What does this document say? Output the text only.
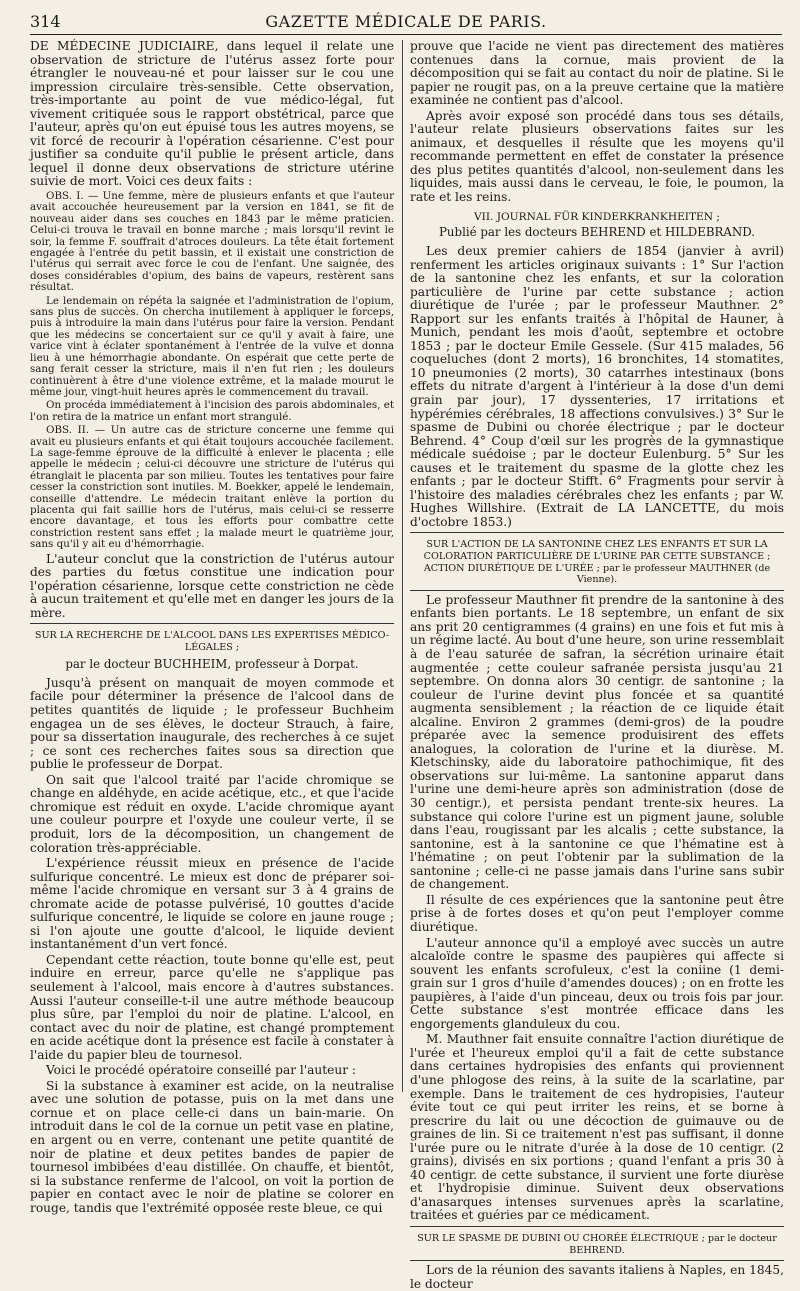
314	GAZETTE MÉDICALE DE PARIS.

DE MÉDECINE JUDICIAIRE, dans lequel il relate une observation de stricture de l'utérus assez forte pour étrangler le nouveau-né et pour laisser sur le cou une impression circulaire très-sensible. Cette observation, très-importante au point de vue médico-légal, fut vivement critiquée sous le rapport obstétrical, parce que l'auteur, après qu'on eut épuisé tous les autres moyens, se vit forcé de recourir à l'opération césarienne. C'est pour justifier sa conduite qu'il publie le présent article, dans lequel il donne deux observations de stricture utérine suivie de mort. Voici ces deux faits :

OBS. I. — Une femme, mère de plusieurs enfants et que l'auteur avait accouchée heureusement par la version en 1841, se fit de nouveau aider dans ses couches en 1843 par le même praticien. Celui-ci trouva le travail en bonne marche ; mais lorsqu'il revint le soir, la femme F. souffrait d'atroces douleurs. La tête était fortement engagée à l'entrée du petit bassin, et il existait une constriction de l'utérus qui serrait avec force le cou de l'enfant. Une saignée, des doses considérables d'opium, des bains de vapeurs, restèrent sans résultat.

Le lendemain on répéta la saignée et l'administration de l'opium, sans plus de succès. On chercha inutilement à appliquer le forceps, puis à introduire la main dans l'utérus pour faire la version. Pendant que les médecins se concertaient sur ce qu'il y avait à faire, une varice vint à éclater spontanément à l'entrée de la vulve et donna lieu à une hémorrhagie abondante. On espérait que cette perte de sang ferait cesser la stricture, mais il n'en fut rien ; les douleurs continuèrent à être d'une violence extrême, et la malade mourut le même jour, vingt-huit heures après le commencement du travail.

On procéda immédiatement à l'incision des parois abdominales, et l'on retira de la matrice un enfant mort strangulé.

OBS. II. — Un autre cas de stricture concerne une femme qui avait eu plusieurs enfants et qui était toujours accouchée facilement. La sage-femme éprouve de la difficulté à enlever le placenta ; elle appelle le médecin ; celui-ci découvre une stricture de l'utérus qui étranglait le placenta par son milieu. Toutes les tentatives pour faire cesser la constriction sont inutiles. M. Boekker, appelé le lendemain, conseille d'attendre. Le médecin traitant enlève la portion du placenta qui fait saillie hors de l'utérus, mais celui-ci se resserre encore davantage, et tous les efforts pour combattre cette constriction restent sans effet ; la malade meurt le quatrième jour, sans qu'il y ait eu d'hémorrhagie.

L'auteur conclut que la constriction de l'utérus autour des parties du fœtus constitue une indication pour l'opération césarienne, lorsque cette constriction ne cède à aucun traitement et qu'elle met en danger les jours de la mère.

SUR LA RECHERCHE DE L'ALCOOL DANS LES EXPERTISES MÉDICO-LÉGALES ;

par le docteur BUCHHEIM, professeur à Dorpat.

Jusqu'à présent on manquait de moyen commode et facile pour déterminer la présence de l'alcool dans de petites quantités de liquide ; le professeur Buchheim engagea un de ses élèves, le docteur Strauch, à faire, pour sa dissertation inaugurale, des recherches à ce sujet ; ce sont ces recherches faites sous sa direction que publie le professeur de Dorpat.

On sait que l'alcool traité par l'acide chromique se change en aldéhyde, en acide acétique, etc., et que l'acide chromique est réduit en oxyde. L'acide chromique ayant une couleur pourpre et l'oxyde une couleur verte, il se produit, lors de la décomposition, un changement de coloration très-appréciable.

L'expérience réussit mieux en présence de l'acide sulfurique concentré. Le mieux est donc de préparer soi-même l'acide chromique en versant sur 3 à 4 grains de chromate acide de potasse pulvérisé, 10 gouttes d'acide sulfurique concentré, le liquide se colore en jaune rouge ; si l'on ajoute une goutte d'alcool, le liquide devient instantanément d'un vert foncé.

Cependant cette réaction, toute bonne qu'elle est, peut induire en erreur, parce qu'elle ne s'applique pas seulement à l'alcool, mais encore à d'autres substances. Aussi l'auteur conseille-t-il une autre méthode beaucoup plus sûre, par l'emploi du noir de platine. L'alcool, en contact avec du noir de platine, est changé promptement en acide acétique dont la présence est facile à constater à l'aide du papier bleu de tournesol.

Voici le procédé opératoire conseillé par l'auteur :

Si la substance à examiner est acide, on la neutralise avec une solution de potasse, puis on la met dans une cornue et on place celle-ci dans un bain-marie. On introduit dans le col de la cornue un petit vase en platine, en argent ou en verre, contenant une petite quantité de noir de platine et deux petites bandes de papier de tournesol imbibées d'eau distillée. On chauffe, et bientôt, si la substance renferme de l'alcool, on voit la portion de papier en contact avec le noir de platine se colorer en rouge, tandis que l'extrémité opposée reste bleue, ce qui

prouve que l'acide ne vient pas directement des matières contenues dans la cornue, mais provient de la décomposition qui se fait au contact du noir de platine. Si le papier ne rougit pas, on a la preuve certaine que la matière examinée ne contient pas d'alcool.

Après avoir exposé son procédé dans tous ses détails, l'auteur relate plusieurs observations faites sur les animaux, et desquelles il résulte que les moyens qu'il recommande permettent en effet de constater la présence des plus petites quantités d'alcool, non-seulement dans les liquides, mais aussi dans le cerveau, le foie, le poumon, la rate et les reins.

VII. JOURNAL FÜR KINDERKRANKHEITEN ;

Publié par les docteurs BEHREND et HILDEBRAND.

Les deux premier cahiers de 1854 (janvier à avril) renferment les articles originaux suivants : 1° Sur l'action de la santonine chez les enfants, et sur la coloration particulière de l'urine par cette substance ; action diurétique de l'urée ; par le professeur Mauthner. 2° Rapport sur les enfants traités à l'hôpital de Hauner, à Munich, pendant les mois d'août, septembre et octobre 1853 ; par le docteur Emile Gessele. (Sur 415 malades, 56 coqueluches (dont 2 morts), 16 bronchites, 14 stomatites, 10 pneumonies (2 morts), 30 catarrhes intestinaux (bons effets du nitrate d'argent à l'intérieur à la dose d'un demi grain par jour), 17 dyssenteries, 17 irritations et hypérémies cérébrales, 18 affections convulsives.) 3° Sur le spasme de Dubini ou chorée électrique ; par le docteur Behrend. 4° Coup d'œil sur les progrès de la gymnastique médicale suédoise ; par le docteur Eulenburg. 5° Sur les causes et le traitement du spasme de la glotte chez les enfants ; par le docteur Stifft. 6° Fragments pour servir à l'histoire des maladies cérébrales chez les enfants ; par W. Hughes Willshire. (Extrait de LA LANCETTE, du mois d'octobre 1853.)

SUR L'ACTION DE LA SANTONINE CHEZ LES ENFANTS ET SUR LA COLORATION PARTICULIÈRE DE L'URINE PAR CETTE SUBSTANCE ; ACTION DIURÉTIQUE DE L'URÉE ; par le professeur MAUTHNER (de Vienne).

Le professeur Mauthner fit prendre de la santonine à des enfants bien portants. Le 18 septembre, un enfant de six ans prit 20 centigrammes (4 grains) en une fois et fut mis à un régime lacté. Au bout d'une heure, son urine ressemblait à de l'eau saturée de safran, la sécrétion urinaire était augmentée ; cette couleur safranée persista jusqu'au 21 septembre. On donna alors 30 centigr. de santonine ; la couleur de l'urine devint plus foncée et sa quantité augmenta sensiblement ; la réaction de ce liquide était alcaline. Environ 2 grammes (demi-gros) de la poudre préparée avec la semence produisirent des effets analogues, la coloration de l'urine et la diurèse. M. Kletschinsky, aide du laboratoire pathochimique, fit des observations sur lui-même. La santonine apparut dans l'urine une demi-heure après son administration (dose de 30 centigr.), et persista pendant trente-six heures. La substance qui colore l'urine est un pigment jaune, soluble dans l'eau, rougissant par les alcalis ; cette substance, la santonine, est à la santonine ce que l'hématine est à l'hématine ; on peut l'obtenir par la sublimation de la santonine ; celle-ci ne passe jamais dans l'urine sans subir de changement.

Il résulte de ces expériences que la santonine peut être prise à de fortes doses et qu'on peut l'employer comme diurétique.

L'auteur annonce qu'il a employé avec succès un autre alcaloïde contre le spasme des paupières qui affecte si souvent les enfants scrofuleux, c'est la coniine (1 demi-grain sur 1 gros d'huile d'amendes douces) ; on en frotte les paupières, à l'aide d'un pinceau, deux ou trois fois par jour. Cette substance s'est montrée efficace dans les engorgements glanduleux du cou.

M. Mauthner fait ensuite connaître l'action diurétique de l'urée et l'heureux emploi qu'il a fait de cette substance dans certaines hydropisies des enfants qui proviennent d'une phlogose des reins, à la suite de la scarlatine, par exemple. Dans le traitement de ces hydropisies, l'auteur évite tout ce qui peut irriter les reins, et se borne à prescrire du lait ou une décoction de guimauve ou de graines de lin. Si ce traitement n'est pas suffisant, il donne l'urée pure ou le nitrate d'urée à la dose de 10 centigr. (2 grains), divisés en six portions ; quand l'enfant a pris 30 à 40 centigr. de cette substance, il survient une forte diurèse et l'hydropisie diminue. Suivent deux observations d'anasarques intenses survenues après la scarlatine, traitées et guéries par ce médicament.

SUR LE SPASME DE DUBINI OU CHORÉE ÉLECTRIQUE ; par le docteur BEHREND.

Lors de la réunion des savants italiens à Naples, en 1845, le docteur
